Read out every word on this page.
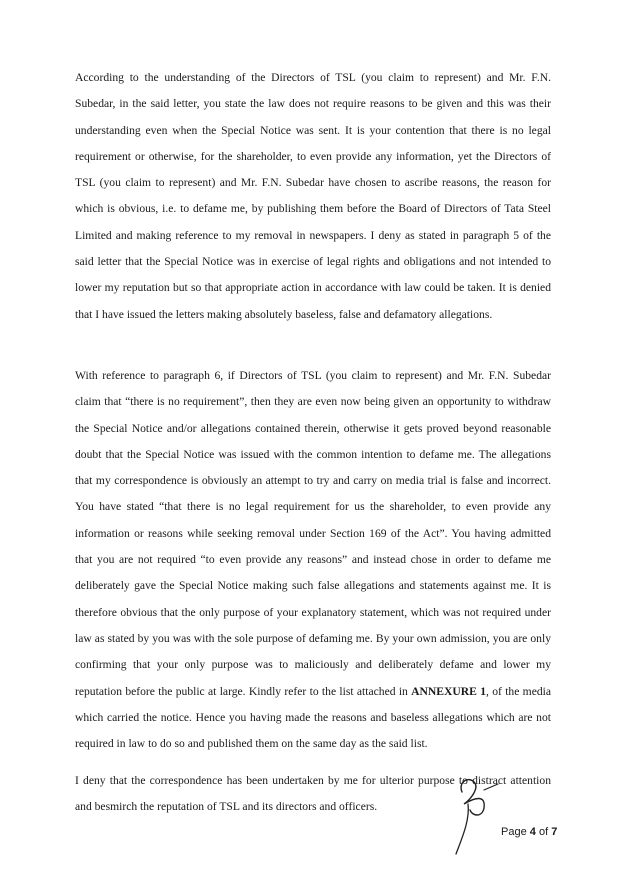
According to the understanding of the Directors of TSL (you claim to represent) and Mr. F.N. Subedar, in the said letter, you state the law does not require reasons to be given and this was their understanding even when the Special Notice was sent. It is your contention that there is no legal requirement or otherwise, for the shareholder, to even provide any information, yet the Directors of TSL (you claim to represent) and Mr. F.N. Subedar have chosen to ascribe reasons, the reason for which is obvious, i.e. to defame me, by publishing them before the Board of Directors of Tata Steel Limited and making reference to my removal in newspapers. I deny as stated in paragraph 5 of the said letter that the Special Notice was in exercise of legal rights and obligations and not intended to lower my reputation but so that appropriate action in accordance with law could be taken. It is denied that I have issued the letters making absolutely baseless, false and defamatory allegations.

With reference to paragraph 6, if Directors of TSL (you claim to represent) and Mr. F.N. Subedar claim that “there is no requirement”, then they are even now being given an opportunity to withdraw the Special Notice and/or allegations contained therein, otherwise it gets proved beyond reasonable doubt that the Special Notice was issued with the common intention to defame me. The allegations that my correspondence is obviously an attempt to try and carry on media trial is false and incorrect. You have stated “that there is no legal requirement for us the shareholder, to even provide any information or reasons while seeking removal under Section 169 of the Act”. You having admitted that you are not required “to even provide any reasons” and instead chose in order to defame me deliberately gave the Special Notice making such false allegations and statements against me. It is therefore obvious that the only purpose of your explanatory statement, which was not required under law as stated by you was with the sole purpose of defaming me. By your own admission, you are only confirming that your only purpose was to maliciously and deliberately defame and lower my reputation before the public at large. Kindly refer to the list attached in ANNEXURE 1, of the media which carried the notice. Hence you having made the reasons and baseless allegations which are not required in law to do so and published them on the same day as the said list.

I deny that the correspondence has been undertaken by me for ulterior purpose to distract attention and besmirch the reputation of TSL and its directors and officers.

Page 4 of 7
